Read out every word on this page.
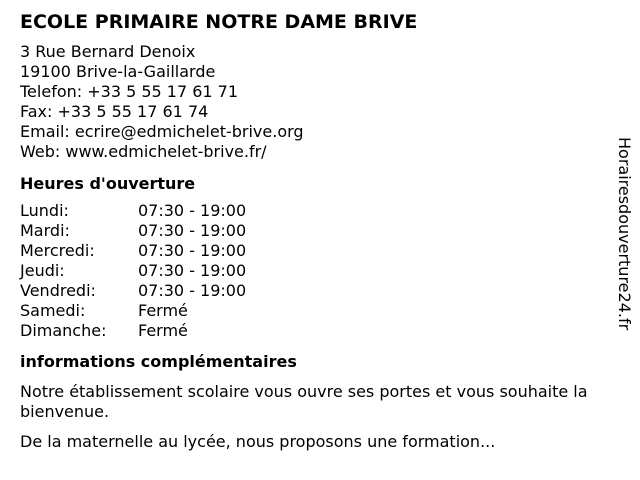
ECOLE PRIMAIRE NOTRE DAME BRIVE
3 Rue Bernard Denoix
19100 Brive-la-Gaillarde
Telefon: +33 5 55 17 61 71
Fax: +33 5 55 17 61 74
Email: ecrire@edmichelet-brive.org
Web: www.edmichelet-brive.fr/
Heures d'ouverture
Lundi:	07:30 - 19:00
Mardi:	07:30 - 19:00
Mercredi:	07:30 - 19:00
Jeudi:	07:30 - 19:00
Vendredi:	07:30 - 19:00
Samedi:	Fermé
Dimanche:	Fermé
informations complémentaires

Notre établissement scolaire vous ouvre ses portes et vous souhaite la bienvenue.

De la maternelle au lycée, nous proposons une formation...

Horairesdouverture24.fr
